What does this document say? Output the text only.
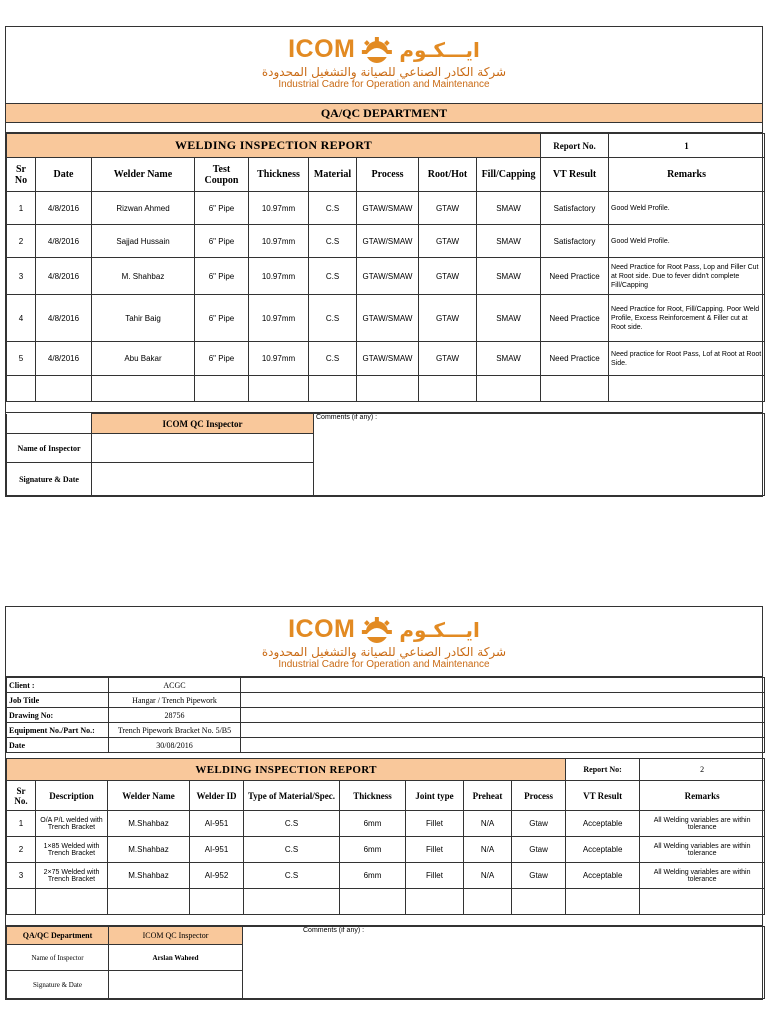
ICOM ايـــكـوم
شركة الكادر الصناعي للصيانة والتشغيل المحدودة
Industrial Cadre for Operation and Maintenance
QA/QC DEPARTMENT
WELDING INSPECTION REPORT									Report No.	1
Sr No	Date	Welder Name	Test Coupon	Thickness	Material	Process	Root/Hot	Fill/Capping	VT Result	Remarks
1	4/8/2016	Rizwan Ahmed	6" Pipe	10.97mm	C.S	GTAW/SMAW	GTAW	SMAW	Satisfactory	Good Weld Profile.
2	4/8/2016	Sajjad Hussain	6" Pipe	10.97mm	C.S	GTAW/SMAW	GTAW	SMAW	Satisfactory	Good Weld Profile.
3	4/8/2016	M. Shahbaz	6" Pipe	10.97mm	C.S	GTAW/SMAW	GTAW	SMAW	Need Practice	Need Practice for Root Pass, Lop and Filler Cut at Root side. Due to fever didn't complete Fill/Capping
4	4/8/2016	Tahir Baig	6" Pipe	10.97mm	C.S	GTAW/SMAW	GTAW	SMAW	Need Practice	Need Practice for Root, Fill/Capping. Poor Weld Profile, Excess Reinforcement & Filler cut at Root side.
5	4/8/2016	Abu Bakar	6" Pipe	10.97mm	C.S	GTAW/SMAW	GTAW	SMAW	Need Practice	Need practice for Root Pass, Lof at Root at Root Side.

	ICOM QC Inspector	Comments (if any) :
Name of Inspector		
Signature & Date		
ICOM ايـــكـوم
شركة الكادر الصناعي للصيانة والتشغيل المحدودة
Industrial Cadre for Operation and Maintenance
Client :	ACGC	
Job Title	Hangar / Trench Pipework	
Drawing No:	28756	
Equipment No./Part No.:	Trench Pipework Bracket No. 5/B5	
Date	30/08/2016	
WELDING INSPECTION REPORT									Report No:	2
Sr No.	Description	Welder Name	Welder ID	Type of Material/Spec.	Thickness	Joint type	Preheat	Process	VT Result	Remarks
1	O/A P/L welded with Trench Bracket	M.Shahbaz	AI-951	C.S	6mm	Fillet	N/A	Gtaw	Acceptable	All Welding variables are within tolerance
2	1×85 Welded with Trench Bracket	M.Shahbaz	AI-951	C.S	6mm	Fillet	N/A	Gtaw	Acceptable	All Welding variables are within tolerance
3	2×75 Welded with Trench Bracket	M.Shahbaz	AI-952	C.S	6mm	Fillet	N/A	Gtaw	Acceptable	All Welding variables are within tolerance

QA/QC Department	ICOM QC Inspector	Comments (if any) :
Name of Inspector	Arslan Waheed	
Signature & Date		
